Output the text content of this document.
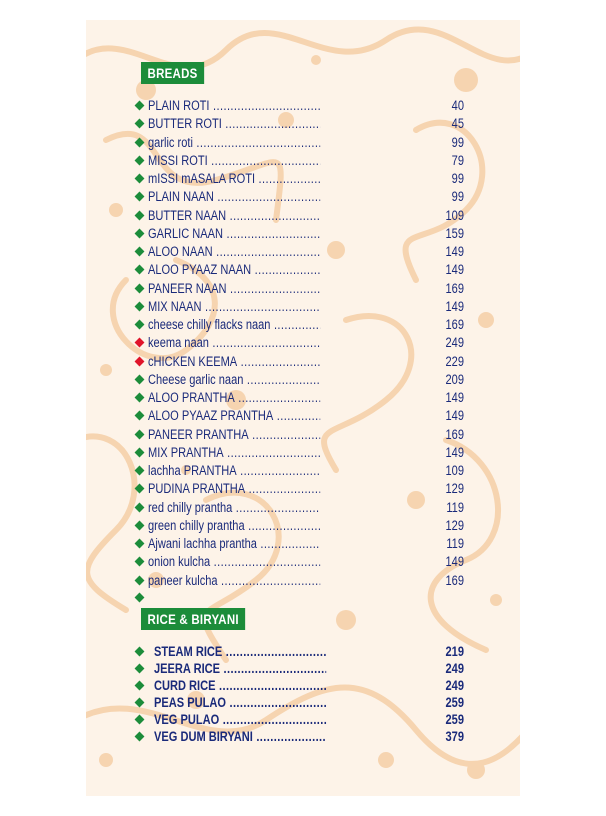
BREADS
PLAIN ROTI .....	40
BUTTER ROTI .....	45
garlic roti .....	99
MISSI ROTI .....	79
mISSI mASALA ROTI .....	99
PLAIN NAAN .....	99
BUTTER NAAN .....	109
GARLIC NAAN .....	159
ALOO NAAN .....	149
ALOO PYAAZ NAAN .....	149
PANEER NAAN .....	169
MIX NAAN .....	149
cheese chilly flacks naan .....	169
keema naan .....	249
cHICKEN KEEMA .....	229
Cheese garlic naan .....	209
ALOO PRANTHA .....	149
ALOO PYAAZ PRANTHA .....	149
PANEER PRANTHA .....	169
MIX PRANTHA .....	149
lachha PRANTHA .....	109
PUDINA PRANTHA .....	129
red chilly prantha .....	119
green chilly prantha .....	129
Ajwani lachha prantha .....	119
onion kulcha .....	149
paneer kulcha .....	169
RICE & BIRYANI
STEAM RICE .....	219
JEERA RICE .....	249
CURD RICE .....	249
PEAS PULAO .....	259
VEG PULAO .....	259
VEG DUM BIRYANI .....	379
